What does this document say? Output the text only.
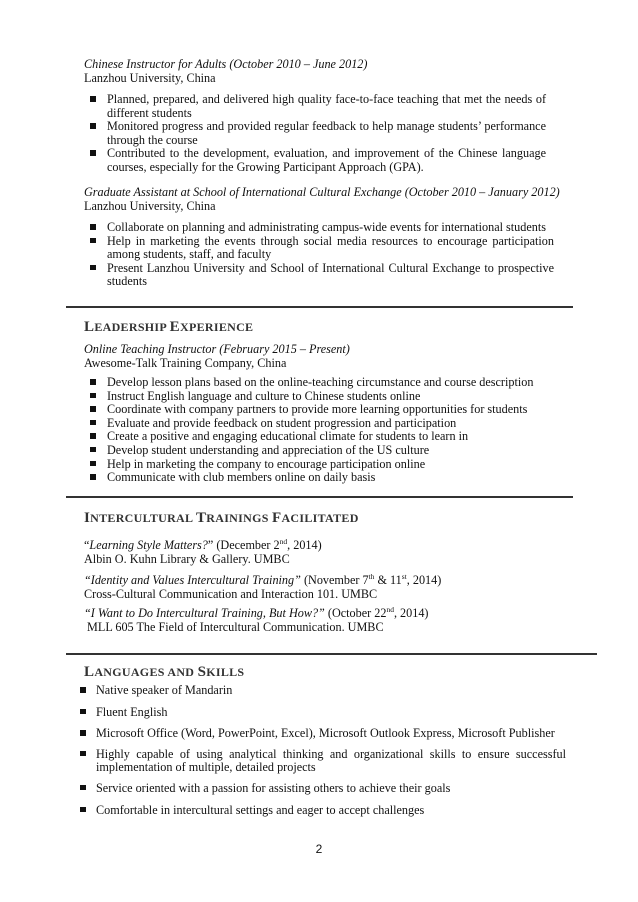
Chinese Instructor for Adults (October 2010 – June 2012)
Lanzhou University, China
Planned, prepared, and delivered high quality face-to-face teaching that met the needs of different students
Monitored progress and provided regular feedback to help manage students’ performance through the course
Contributed to the development, evaluation, and improvement of the Chinese language courses, especially for the Growing Participant Approach (GPA).
Graduate Assistant at School of International Cultural Exchange (October 2010 – January 2012)
Lanzhou University, China
Collaborate on planning and administrating campus-wide events for international students
Help in marketing the events through social media resources to encourage participation among students, staff, and faculty
Present Lanzhou University and School of International Cultural Exchange to prospective students
LEADERSHIP EXPERIENCE
Online Teaching Instructor (February 2015 – Present)
Awesome-Talk Training Company, China
Develop lesson plans based on the online-teaching circumstance and course description
Instruct English language and culture to Chinese students online
Coordinate with company partners to provide more learning opportunities for students
Evaluate and provide feedback on student progression and participation
Create a positive and engaging educational climate for students to learn in
Develop student understanding and appreciation of the US culture
Help in marketing the company to encourage participation online
Communicate with club members online on daily basis
INTERCULTURAL TRAININGS FACILITATED
“Learning Style Matters?” (December 2nd, 2014)
Albin O. Kuhn Library & Gallery. UMBC
“Identity and Values Intercultural Training” (November 7th & 11st, 2014)
Cross-Cultural Communication and Interaction 101. UMBC
“I Want to Do Intercultural Training, But How?” (October 22nd, 2014)
MLL 605 The Field of Intercultural Communication. UMBC
LANGUAGES AND SKILLS
Native speaker of Mandarin
Fluent English
Microsoft Office (Word, PowerPoint, Excel), Microsoft Outlook Express, Microsoft Publisher
Highly capable of using analytical thinking and organizational skills to ensure successful implementation of multiple, detailed projects
Service oriented with a passion for assisting others to achieve their goals
Comfortable in intercultural settings and eager to accept challenges
2
